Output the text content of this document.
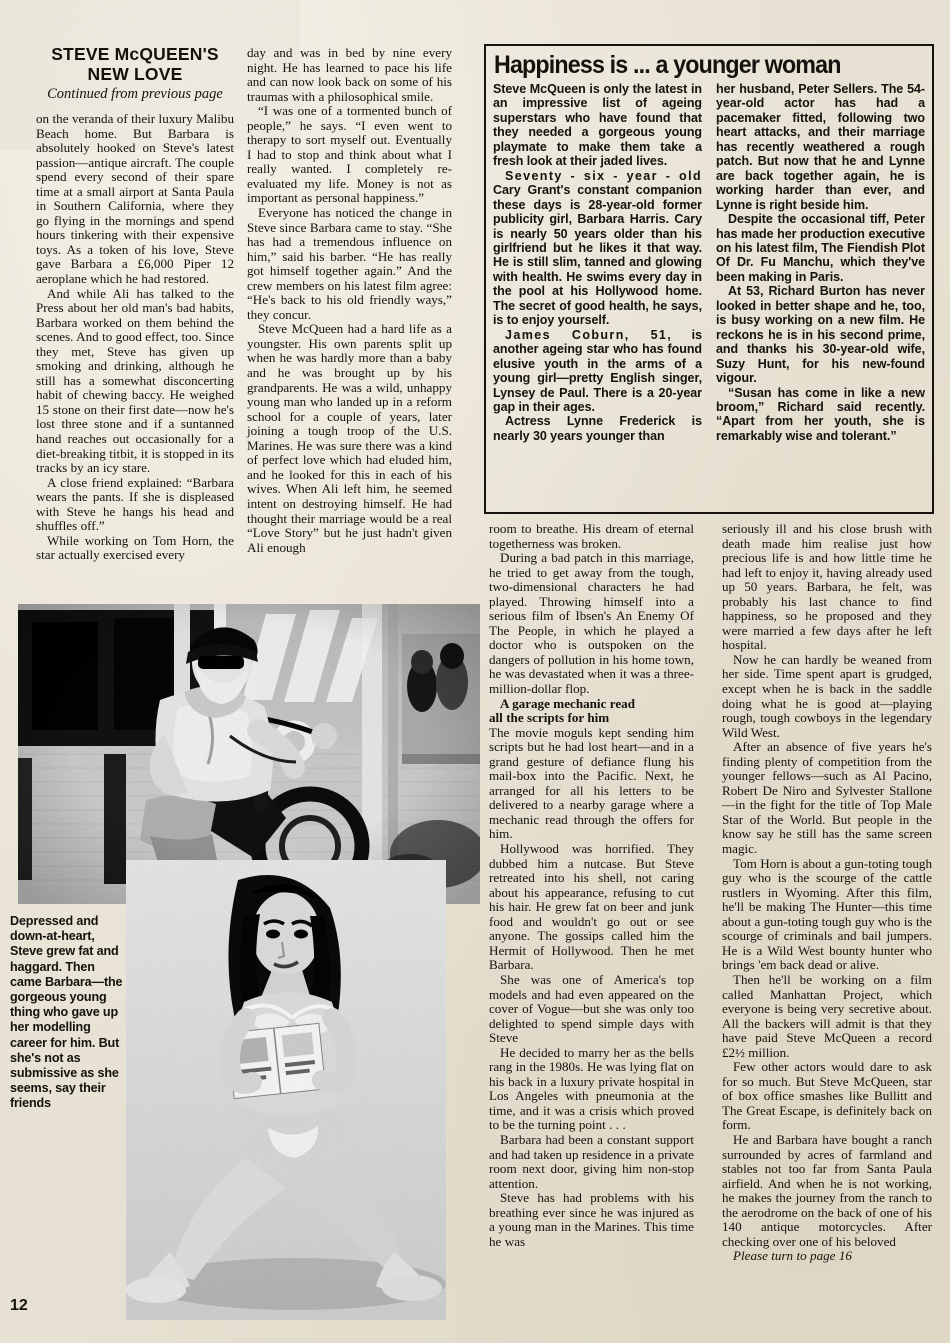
STEVE McQUEEN'S
NEW LOVE
Continued from previous page

on the veranda of their luxury Malibu Beach home. But Barbara is absolutely hooked on Steve's latest passion—antique aircraft. The couple spend every second of their spare time at a small airport at Santa Paula in Southern California, where they go flying in the mornings and spend hours tinkering with their expensive toys. As a token of his love, Steve gave Barbara a £6,000 Piper 12 aeroplane which he had restored.

And while Ali has talked to the Press about her old man's bad habits, Barbara worked on them behind the scenes. And to good effect, too. Since they met, Steve has given up smoking and drinking, although he still has a somewhat disconcerting habit of chewing baccy. He weighed 15 stone on their first date—now he's lost three stone and if a suntanned hand reaches out occasionally for a diet-breaking titbit, it is stopped in its tracks by an icy stare.

A close friend explained: “Barbara wears the pants. If she is displeased with Steve he hangs his head and shuffles off.”

While working on Tom Horn, the star actually exercised every

day and was in bed by nine every night. He has learned to pace his life and can now look back on some of his traumas with a philosophical smile.

“I was one of a tormented bunch of people,” he says. “I even went to therapy to sort myself out. Eventually I had to stop and think about what I really wanted. I completely re-evaluated my life. Money is not as important as personal happiness.”

Everyone has noticed the change in Steve since Barbara came to stay. “She has had a tremendous influence on him,” said his barber. “He has really got himself together again.” And the crew members on his latest film agree: “He's back to his old friendly ways,” they concur.

Steve McQueen had a hard life as a youngster. His own parents split up when he was hardly more than a baby and he was brought up by his grandparents. He was a wild, unhappy young man who landed up in a reform school for a couple of years, later joining a tough troop of the U.S. Marines. He was sure there was a kind of perfect love which had eluded him, and he looked for this in each of his wives. When Ali left him, he seemed intent on destroying himself. He had thought their marriage would be a real “Love Story” but he just hadn't given Ali enough

Happiness is ... a younger woman

Steve McQueen is only the latest in an impressive list of ageing superstars who have found that they needed a gorgeous young playmate to make them take a fresh look at their jaded lives.

Seventy - six - year - old Cary Grant's constant companion these days is 28-year-old former publicity girl, Barbara Harris. Cary is nearly 50 years older than his girlfriend but he likes it that way. He is still slim, tanned and glowing with health. He swims every day in the pool at his Hollywood home. The secret of good health, he says, is to enjoy yourself.

James Coburn, 51, is another ageing star who has found elusive youth in the arms of a young girl—pretty English singer, Lynsey de Paul. There is a 20-year gap in their ages.

Actress Lynne Frederick is nearly 30 years younger than

her husband, Peter Sellers. The 54-year-old actor has had a pacemaker fitted, following two heart attacks, and their marriage has recently weathered a rough patch. But now that he and Lynne are back together again, he is working harder than ever, and Lynne is right beside him.

Despite the occasional tiff, Peter has made her production executive on his latest film, The Fiendish Plot Of Dr. Fu Manchu, which they've been making in Paris.

At 53, Richard Burton has never looked in better shape and he, too, is busy working on a new film. He reckons he is in his second prime, and thanks his 30-year-old wife, Suzy Hunt, for his new-found vigour.

“Susan has come in like a new broom,” Richard said recently. “Apart from her youth, she is remarkably wise and tolerant.”

room to breathe. His dream of eternal togetherness was broken.

During a bad patch in this marriage, he tried to get away from the tough, two-dimensional characters he had played. Throwing himself into a serious film of Ibsen's An Enemy Of The People, in which he played a doctor who is outspoken on the dangers of pollution in his home town, he was devastated when it was a three-million-dollar flop.

A garage mechanic read
all the scripts for him

The movie moguls kept sending him scripts but he had lost heart—and in a grand gesture of defiance flung his mail-box into the Pacific. Next, he arranged for all his letters to be delivered to a nearby garage where a mechanic read through the offers for him.

Hollywood was horrified. They dubbed him a nutcase. But Steve retreated into his shell, not caring about his appearance, refusing to cut his hair. He grew fat on beer and junk food and wouldn't go out or see anyone. The gossips called him the Hermit of Hollywood. Then he met Barbara.

She was one of America's top models and had even appeared on the cover of Vogue—but she was only too delighted to spend simple days with Steve

He decided to marry her as the bells rang in the 1980s. He was lying flat on his back in a luxury private hospital in Los Angeles with pneumonia at the time, and it was a crisis which proved to be the turning point . . .

Barbara had been a constant support and had taken up residence in a private room next door, giving him non-stop attention.

Steve has had problems with his breathing ever since he was injured as a young man in the Marines. This time he was

seriously ill and his close brush with death made him realise just how precious life is and how little time he had left to enjoy it, having already used up 50 years. Barbara, he felt, was probably his last chance to find happiness, so he proposed and they were married a few days after he left hospital.

Now he can hardly be weaned from her side. Time spent apart is grudged, except when he is back in the saddle doing what he is good at—playing rough, tough cowboys in the legendary Wild West.

After an absence of five years he's finding plenty of competition from the younger fellows—such as Al Pacino, Robert De Niro and Sylvester Stallone—in the fight for the title of Top Male Star of the World. But people in the know say he still has the same screen magic.

Tom Horn is about a gun-toting tough guy who is the scourge of the cattle rustlers in Wyoming. After this film, he'll be making The Hunter—this time about a gun-toting tough guy who is the scourge of criminals and bail jumpers. He is a Wild West bounty hunter who brings 'em back dead or alive.

Then he'll be working on a film called Manhattan Project, which everyone is being very secretive about. All the backers will admit is that they have paid Steve McQueen a record £2½ million.

Few other actors would dare to ask for so much. But Steve McQueen, star of box office smashes like Bullitt and The Great Escape, is definitely back on form.

He and Barbara have bought a ranch surrounded by acres of farmland and stables not too far from Santa Paula airfield. And when he is not working, he makes the journey from the ranch to the aerodrome on the back of one of his 140 antique motorcycles. After checking over one of his beloved

Please turn to page 16

Depressed and down-at-heart, Steve grew fat and haggard. Then came Barbara—the gorgeous young thing who gave up her modelling career for him. But she's not as submissive as she seems, say their friends
12
